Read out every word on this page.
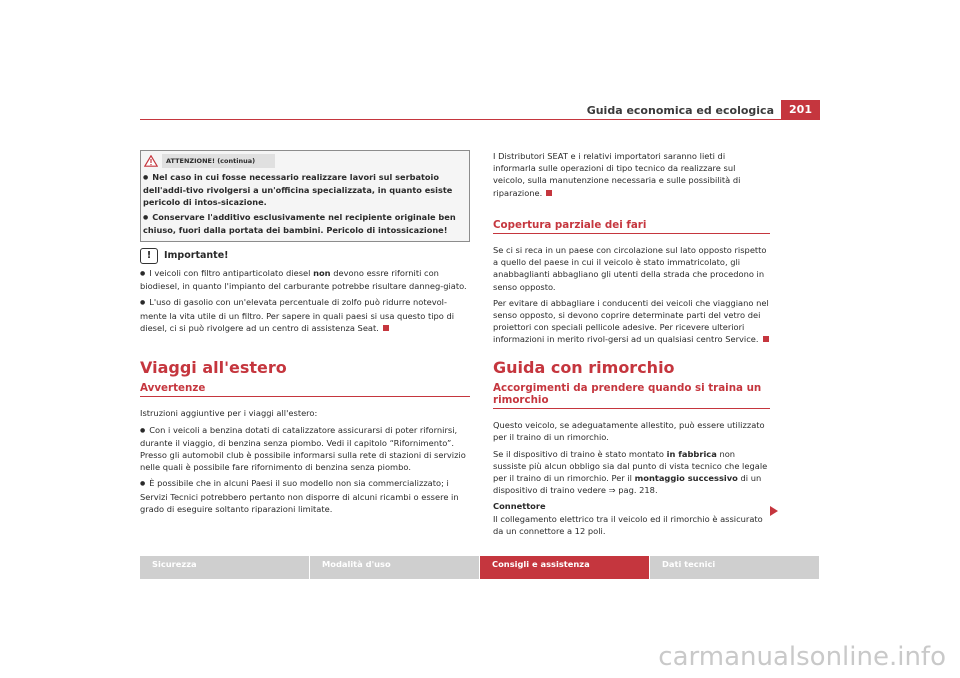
Guida economica ed ecologica	201
ATTENZIONE! (continua)

● Nel caso in cui fosse necessario realizzare lavori sul serbatoio dell'addi-tivo rivolgersi a un'officina specializzata, in quanto esiste pericolo di intos-sicazione.

● Conservare l'additivo esclusivamente nel recipiente originale ben chiuso, fuori dalla portata dei bambini. Pericolo di intossicazione!

!	Importante!

● I veicoli con filtro antiparticolato diesel non devono essre riforniti con biodiesel, in quanto l'impianto del carburante potrebbe risultare danneg-giato.

● L'uso di gasolio con un'elevata percentuale di zolfo può ridurre notevol-mente la vita utile di un filtro. Per sapere in quali paesi si usa questo tipo di diesel, ci si può rivolgere ad un centro di assistenza Seat.

Viaggi all'estero
Avvertenze

Istruzioni aggiuntive per i viaggi all'estero:

● Con i veicoli a benzina dotati di catalizzatore assicurarsi di poter rifornirsi, durante il viaggio, di benzina senza piombo. Vedi il capitolo “Rifornimento”. Presso gli automobil club è possibile informarsi sulla rete di stazioni di servizio nelle quali è possibile fare rifornimento di benzina senza piombo.

● È possibile che in alcuni Paesi il suo modello non sia commercializzato; i Servizi Tecnici potrebbero pertanto non disporre di alcuni ricambi o essere in grado di eseguire soltanto riparazioni limitate.

I Distributori SEAT e i relativi importatori saranno lieti di informarla sulle operazioni di tipo tecnico da realizzare sul veicolo, sulla manutenzione necessaria e sulle possibilità di riparazione.

Copertura parziale dei fari

Se ci si reca in un paese con circolazione sul lato opposto rispetto a quello del paese in cui il veicolo è stato immatricolato, gli anabbaglianti abbagliano gli utenti della strada che procedono in senso opposto.

Per evitare di abbagliare i conducenti dei veicoli che viaggiano nel senso opposto, si devono coprire determinate parti del vetro dei proiettori con speciali pellicole adesive. Per ricevere ulteriori informazioni in merito rivol-gersi ad un qualsiasi centro Service.

Guida con rimorchio
Accorgimenti da prendere quando si traina un rimorchio

Questo veicolo, se adeguatamente allestito, può essere utilizzato per il traino di un rimorchio.

Se il dispositivo di traino è stato montato in fabbrica non sussiste più alcun obbligo sia dal punto di vista tecnico che legale per il traino di un rimorchio. Per il montaggio successivo di un dispositivo di traino vedere ⇒ pag. 218.

Connettore

Il collegamento elettrico tra il veicolo ed il rimorchio è assicurato da un connettore a 12 poli.

Sicurezza	Modalità d'uso	Consigli e assistenza	Dati tecnici
carmanualsonline.info
